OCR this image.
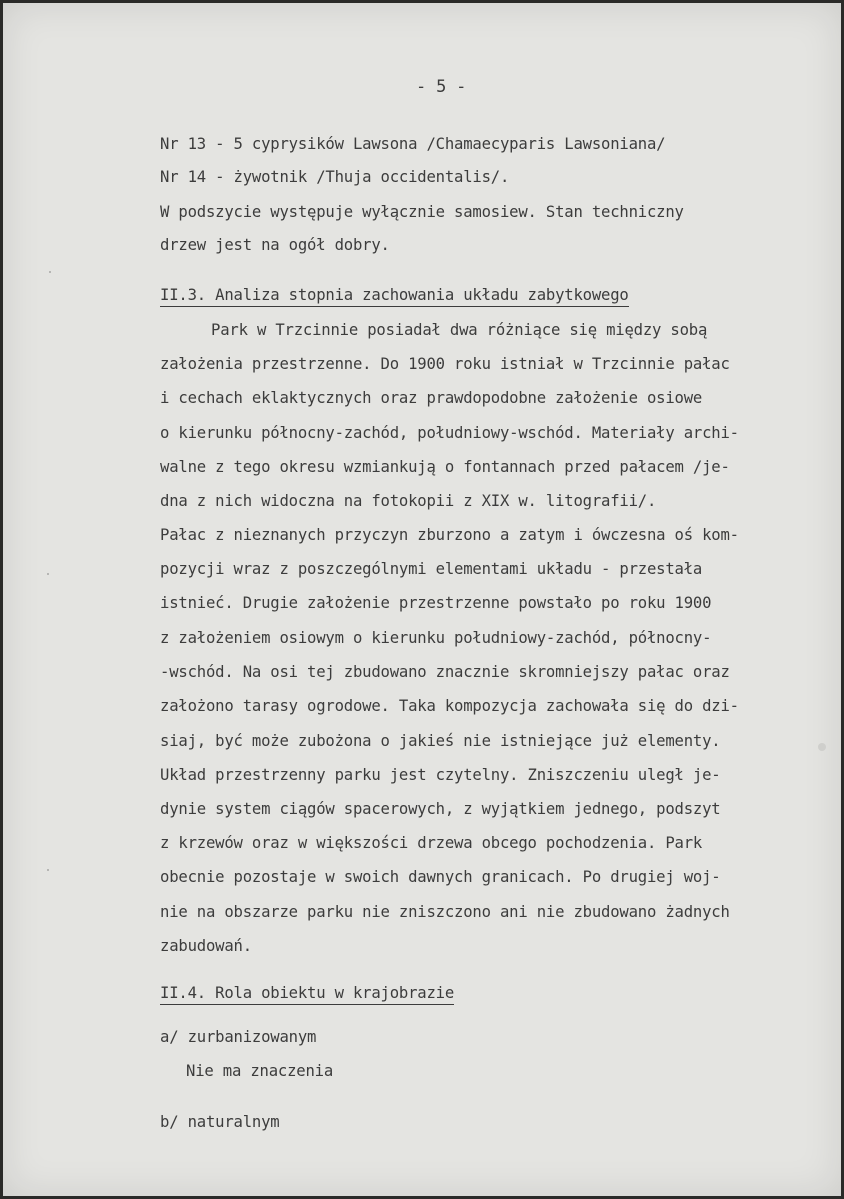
- 5 -
Nr 13 - 5 cyprysików Lawsona /Chamaecyparis Lawsoniana/
Nr 14 - żywotnik /Thuja occidentalis/.
W podszycie występuje wyłącznie samosiew. Stan techniczny
drzew jest na ogół dobry.
II.3. Analiza stopnia zachowania układu zabytkowego
Park w Trzcinnie posiadał dwa różniące się między sobą
założenia przestrzenne. Do 1900 roku istniał w Trzcinnie pałac
i cechach eklaktycznych oraz prawdopodobne założenie osiowe
o kierunku północny-zachód, południowy-wschód. Materiały archi-
walne z tego okresu wzmiankują o fontannach przed pałacem /je-
dna z nich widoczna na fotokopii z XIX w. litografii/.
Pałac z nieznanych przyczyn zburzono a zatym i ówczesna oś kom-
pozycji wraz z poszczególnymi elementami układu - przestała
istnieć. Drugie założenie przestrzenne powstało po roku 1900
z założeniem osiowym o kierunku południowy-zachód, północny-
-wschód. Na osi tej zbudowano znacznie skromniejszy pałac oraz
założono tarasy ogrodowe. Taka kompozycja zachowała się do dzi-
siaj, być może zubożona o jakieś nie istniejące już elementy.
Układ przestrzenny parku jest czytelny. Zniszczeniu uległ je-
dynie system ciągów spacerowych, z wyjątkiem jednego, podszyt
z krzewów oraz w większości drzewa obcego pochodzenia. Park
obecnie pozostaje w swoich dawnych granicach. Po drugiej woj-
nie na obszarze parku nie zniszczono ani nie zbudowano żadnych
zabudowań.
II.4. Rola obiektu w krajobrazie
a/ zurbanizowanym
Nie ma znaczenia
b/ naturalnym
